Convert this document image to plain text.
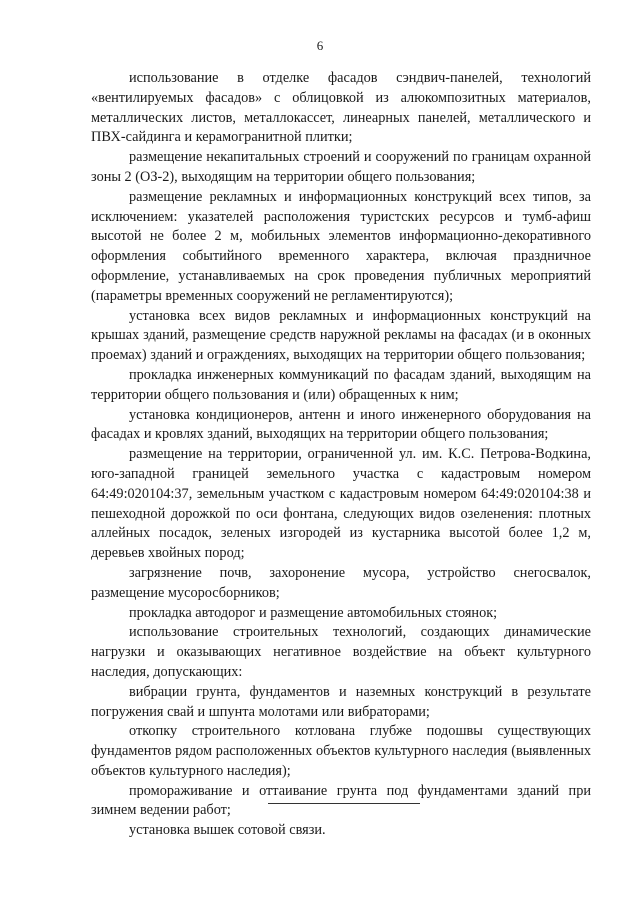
6

использование в отделке фасадов сэндвич-панелей, технологий «вентилируемых фасадов» с облицовкой из алюкомпозитных материалов, металлических листов, металлокассет, линеарных панелей, металлического и ПВХ-сайдинга и керамогранитной плитки;

размещение некапитальных строений и сооружений по границам охранной зоны 2 (ОЗ-2), выходящим на территории общего пользования;

размещение рекламных и информационных конструкций всех типов, за исключением: указателей расположения туристских ресурсов и тумб-афиш высотой не более 2 м, мобильных элементов информационно-декоративного оформления событийного временного характера, включая праздничное оформление, устанавливаемых на срок проведения публичных мероприятий (параметры временных сооружений не регламентируются);

установка всех видов рекламных и информационных конструкций на крышах зданий, размещение средств наружной рекламы на фасадах (и в оконных проемах) зданий и ограждениях, выходящих на территории общего пользования;

прокладка инженерных коммуникаций по фасадам зданий, выходящим на территории общего пользования и (или) обращенных к ним;

установка кондиционеров, антенн и иного инженерного оборудования на фасадах и кровлях зданий, выходящих на территории общего пользования;

размещение на территории, ограниченной ул. им. К.С. Петрова-Водкина, юго-западной границей земельного участка с кадастровым номером 64:49:020104:37, земельным участком с кадастровым номером 64:49:020104:38 и пешеходной дорожкой по оси фонтана, следующих видов озеленения: плотных аллейных посадок, зеленых изгородей из кустарника высотой более 1,2 м, деревьев хвойных пород;

загрязнение почв, захоронение мусора, устройство снегосвалок, размещение мусоросборников;

прокладка автодорог и размещение автомобильных стоянок;

использование строительных технологий, создающих динамические нагрузки и оказывающих негативное воздействие на объект культурного наследия, допускающих:

вибрации грунта, фундаментов и наземных конструкций в результате погружения свай и шпунта молотами или вибраторами;

откопку строительного котлована глубже подошвы существующих фундаментов рядом расположенных объектов культурного наследия (выявленных объектов культурного наследия);

промораживание и оттаивание грунта под фундаментами зданий при зимнем ведении работ;

установка вышек сотовой связи.
